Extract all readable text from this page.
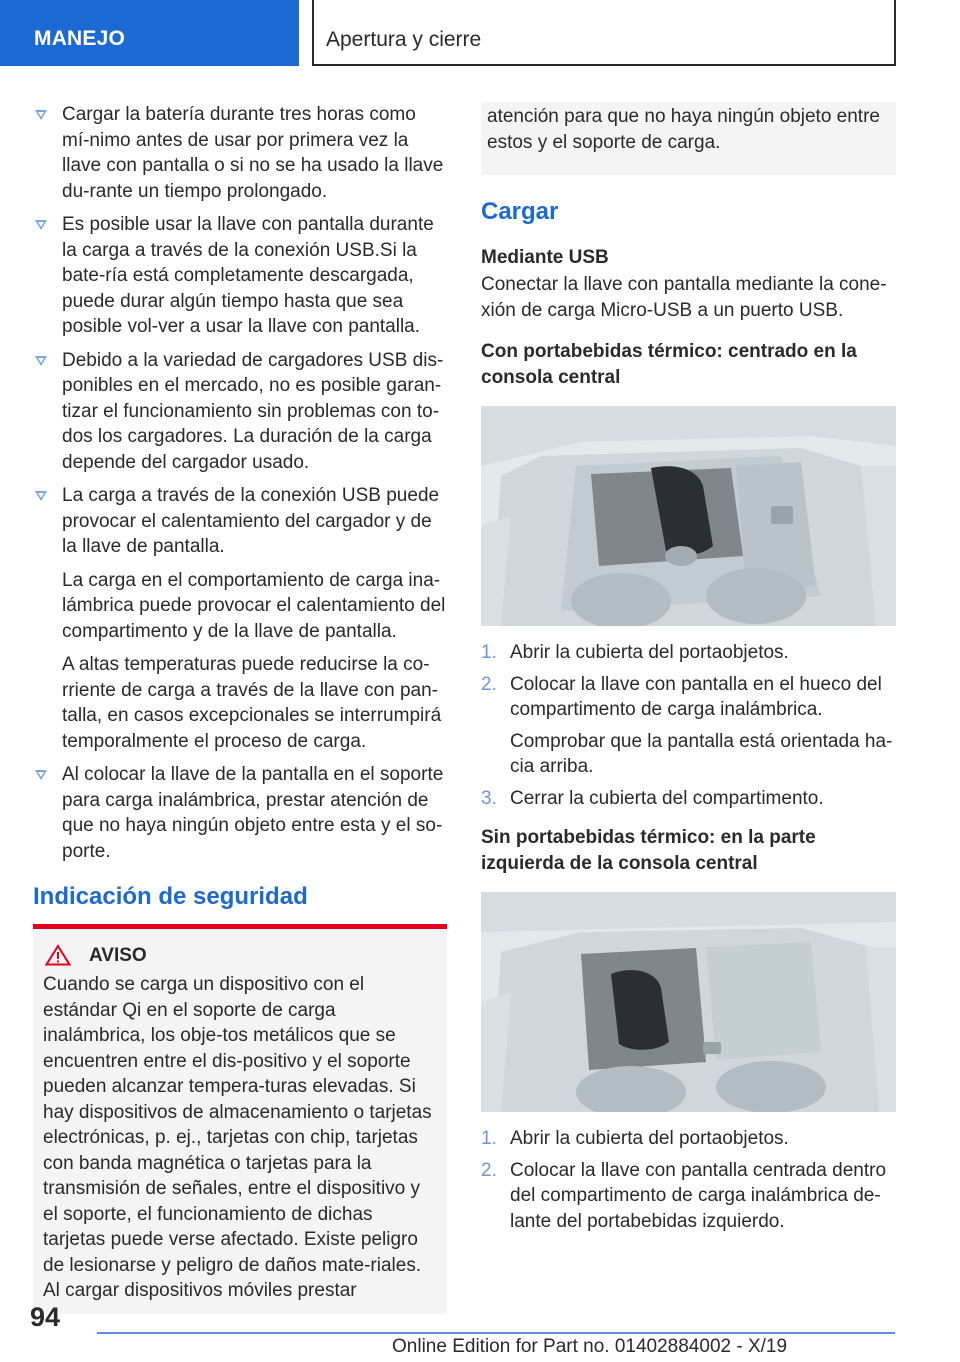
MANEJO	Apertura y cierre

Cargar la batería durante tres horas como mí-nimo antes de usar por primera vez la llave con pantalla o si no se ha usado la llave du-rante un tiempo prolongado.

Es posible usar la llave con pantalla durante la carga a través de la conexión USB.Si la bate-ría está completamente descargada, puede durar algún tiempo hasta que sea posible vol-ver a usar la llave con pantalla.

Debido a la variedad de cargadores USB dis-ponibles en el mercado, no es posible garan-tizar el funcionamiento sin problemas con to-dos los cargadores. La duración de la carga depende del cargador usado.

La carga a través de la conexión USB puede provocar el calentamiento del cargador y de la llave de pantalla.

La carga en el comportamiento de carga ina-lámbrica puede provocar el calentamiento del compartimento y de la llave de pantalla.

A altas temperaturas puede reducirse la co-rriente de carga a través de la llave con pan-talla, en casos excepcionales se interrumpirá temporalmente el proceso de carga.

Al colocar la llave de la pantalla en el soporte para carga inalámbrica, prestar atención de que no haya ningún objeto entre esta y el so-porte.

Indicación de seguridad
AVISO

Cuando se carga un dispositivo con el estándar Qi en el soporte de carga inalámbrica, los obje-tos metálicos que se encuentren entre el dis-positivo y el soporte pueden alcanzar tempera-turas elevadas. Si hay dispositivos de almacenamiento o tarjetas electrónicas, p. ej., tarjetas con chip, tarjetas con banda magnética o tarjetas para la transmisión de señales, entre el dispositivo y el soporte, el funcionamiento de dichas tarjetas puede verse afectado. Existe peligro de lesionarse y peligro de daños mate-riales. Al cargar dispositivos móviles prestar

atención para que no haya ningún objeto entre estos y el soporte de carga.

Cargar
Mediante USB

Conectar la llave con pantalla mediante la cone-xión de carga Micro-USB a un puerto USB.

Con portabebidas térmico: centrado en la consola central
1. Abrir la cubierta del portaobjetos.

2. Colocar la llave con pantalla en el hueco del compartimento de carga inalámbrica.

Comprobar que la pantalla está orientada ha-cia arriba.

3. Cerrar la cubierta del compartimento.

Sin portabebidas térmico: en la parte izquierda de la consola central
1. Abrir la cubierta del portaobjetos.

2. Colocar la llave con pantalla centrada dentro del compartimento de carga inalámbrica de-lante del portabebidas izquierdo.

94
Online Edition for Part no. 01402884002 - X/19
